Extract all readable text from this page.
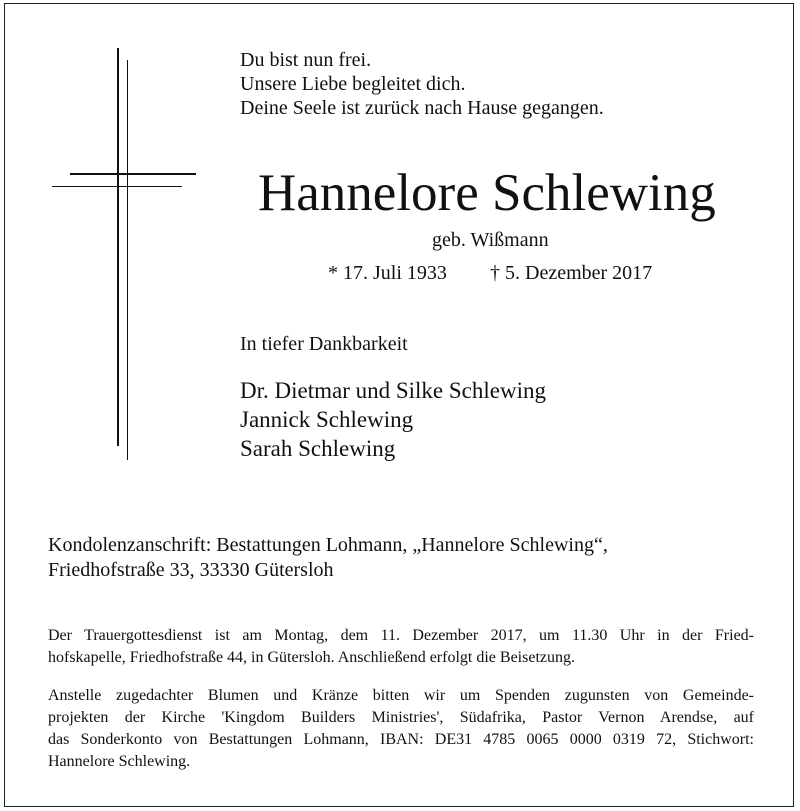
Du bist nun frei.
Unsere Liebe begleitet dich.
Deine Seele ist zurück nach Hause gegangen.
Hannelore Schlewing
geb. Wißmann
* 17. Juli 1933 † 5. Dezember 2017
In tiefer Dankbarkeit
Dr. Dietmar und Silke Schlewing
Jannick Schlewing
Sarah Schlewing
Kondolenzanschrift: Bestattungen Lohmann, „Hannelore Schlewing“,
Friedhofstraße 33, 33330 Gütersloh
Der Trauergottesdienst ist am Montag, dem 11. Dezember 2017, um 11.30 Uhr in der Fried-
hofskapelle, Friedhofstraße 44, in Gütersloh. Anschließend erfolgt die Beisetzung.
Anstelle zugedachter Blumen und Kränze bitten wir um Spenden zugunsten von Gemeinde-
projekten der Kirche 'Kingdom Builders Ministries', Südafrika, Pastor Vernon Arendse, auf
das Sonderkonto von Bestattungen Lohmann, IBAN: DE31 4785 0065 0000 0319 72, Stichwort:
Hannelore Schlewing.
